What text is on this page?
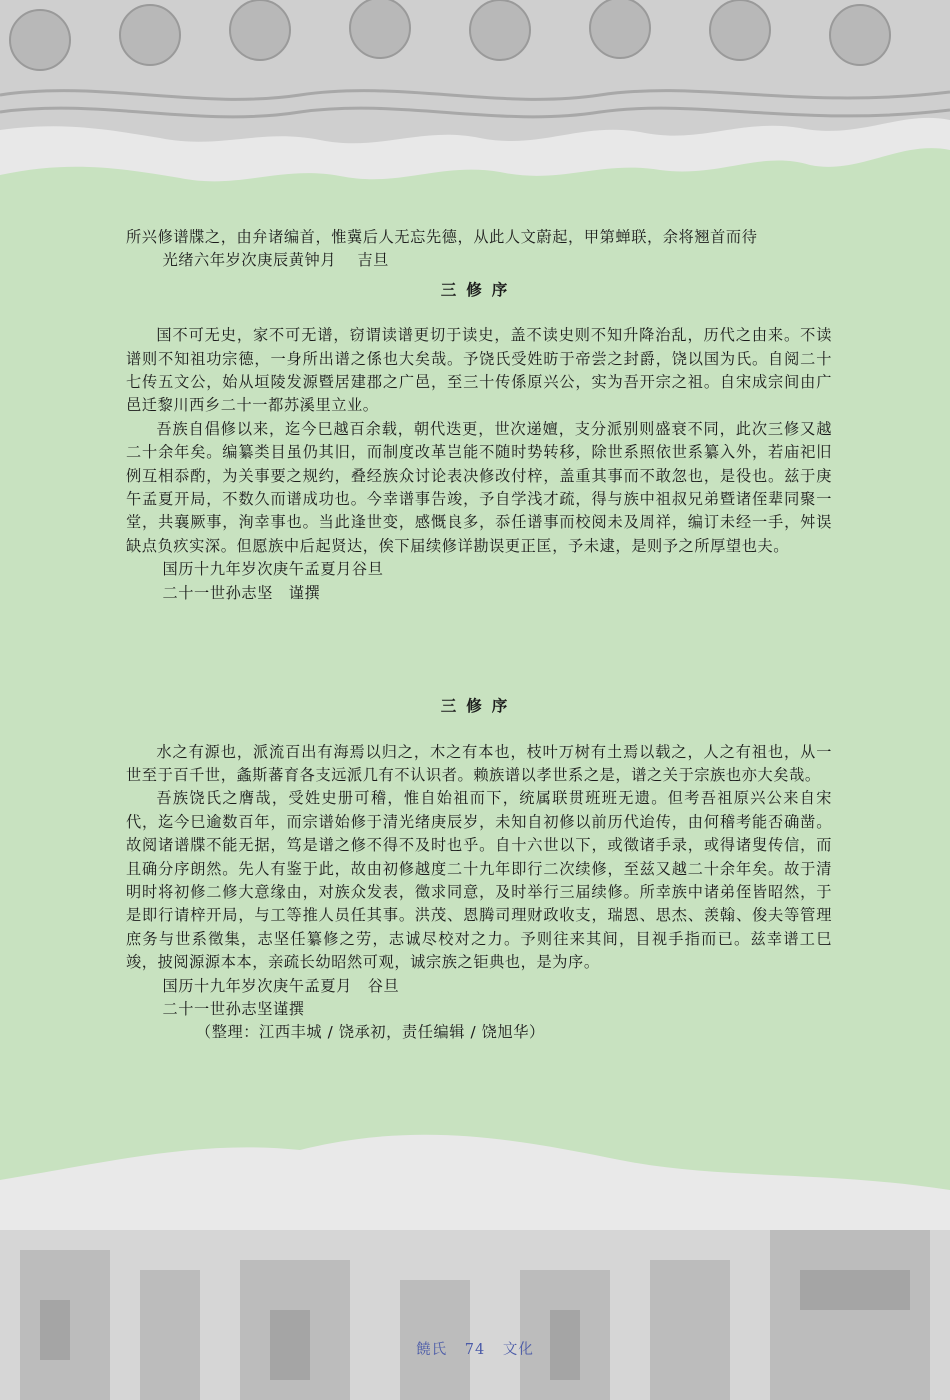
所兴修谱牒之，由弁诸编首，惟冀后人无忘先德，从此人文蔚起，甲第蝉联，余将翘首而待

光绪六年岁次庚辰黄钟月　 吉旦

三修序

国不可无史，家不可无谱，窃谓读谱更切于读史，盖不读史则不知升降治乱，历代之由来。不读谱则不知祖功宗德，一身所出谱之係也大矣哉。予饶氏受姓昉于帝尝之封爵，饶以国为氏。自阅二十七传五文公，始从垣陵发源暨居建郡之广邑，至三十传係原兴公，实为吾开宗之祖。自宋成宗间由广邑迁黎川西乡二十一都苏溪里立业。

吾族自倡修以来，迄今巳越百余载，朝代迭更，世次递嬗，支分派别则盛衰不同，此次三修又越二十余年矣。编纂类目虽仍其旧，而制度改革岂能不随时势转移，除世系照依世系纂入外，若庙祀旧例互相忝酌，为关事要之规约，叠经族众讨论表决修改付梓，盖重其事而不敢忽也，是役也。兹于庚午孟夏开局，不数久而谱成功也。今幸谱事告竣，予自学浅才疏，得与族中祖叔兄弟暨诸侄辈同聚一堂，共襄厥事，洵幸事也。当此逢世变，感慨良多，忝任谱事而校阅未及周祥，编订未经一手，舛误缺点负疚实深。但愿族中后起贤达，俟下届续修详勘误更正匡，予未逮，是则予之所厚望也夫。

国历十九年岁次庚午孟夏月谷旦

二十一世孙志坚　谨撰

三修序

水之有源也，派流百出有海焉以归之，木之有本也，枝叶万树有土焉以载之，人之有祖也，从一世至于百千世，螽斯蕃育各支远派几有不认识者。赖族谱以孝世系之是，谱之关于宗族也亦大矣哉。

吾族饶氏之膺哉，受姓史册可稽，惟自始祖而下，统属联贯班班无遗。但考吾祖原兴公来自宋代，迄今巳逾数百年，而宗谱始修于清光绪庚辰岁，未知自初修以前历代迨传，由何稽考能否确凿。故阅诸谱牒不能无据，笃是谱之修不得不及时也乎。自十六世以下，或徵诸手录，或得诸叟传信，而且确分序朗然。先人有鉴于此，故由初修越度二十九年即行二次续修，至兹又越二十余年矣。故于清明时将初修二修大意缘由，对族众发表，徵求同意，及时举行三届续修。所幸族中诸弟侄皆昭然，于是即行请梓开局，与工等推人员任其事。洪茂、恩腾司理财政收支，瑞恩、思杰、羡翰、俊夫等管理庶务与世系徵集，志坚任纂修之劳，志诚尽校对之力。予则往来其间，目视手指而已。兹幸谱工巳竣，披阅源源本本，亲疏长幼昭然可观，诚宗族之钜典也，是为序。

国历十九年岁次庚午孟夏月　谷旦

二十一世孙志坚谨撰

（整理：江西丰城 / 饶承初，责任编辑 / 饶旭华）

饒氏 74 文化
